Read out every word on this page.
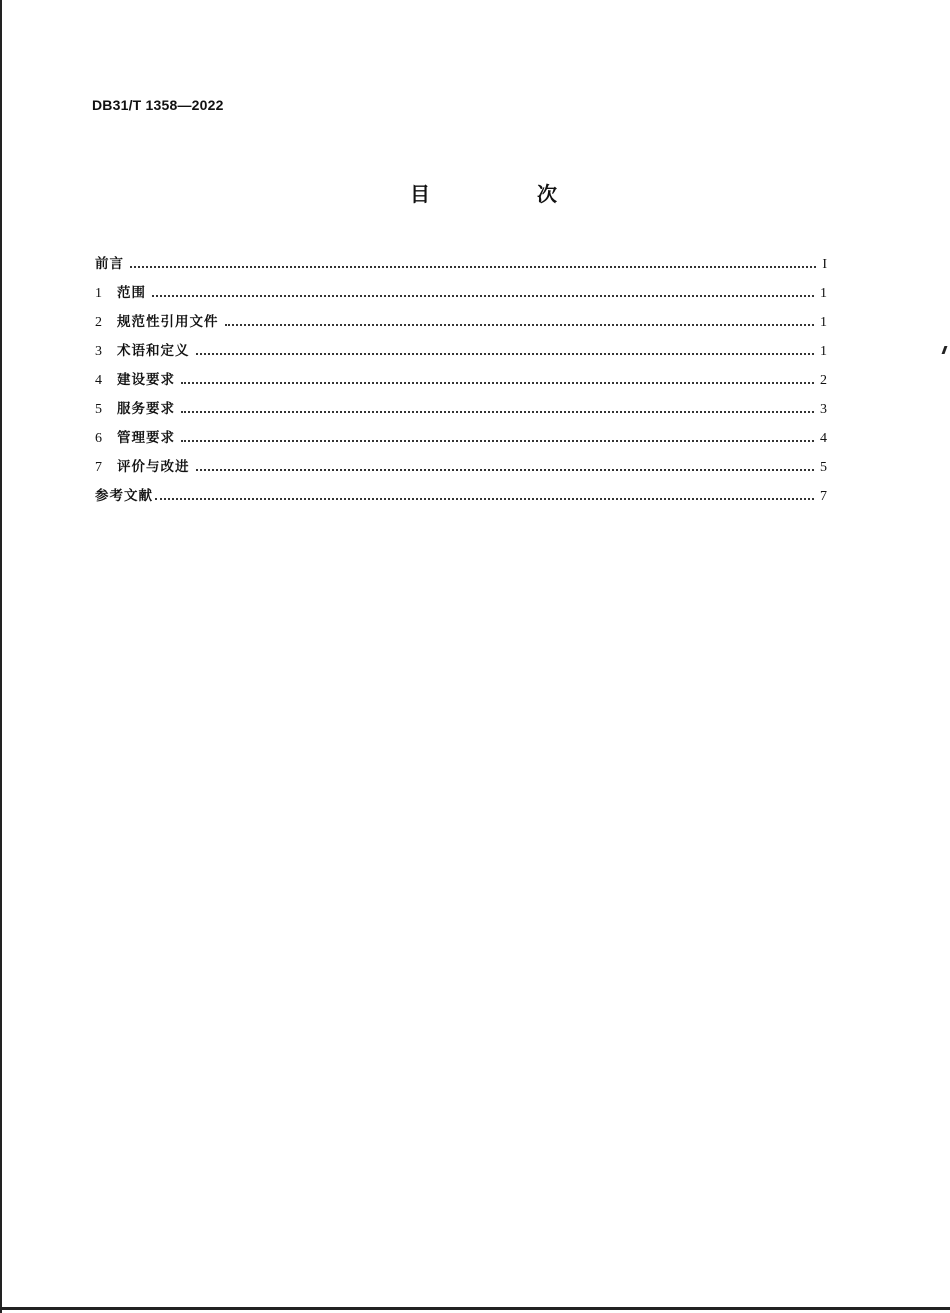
DB31/T 1358—2022
目 次
前言	I
1	范围	1
2	规范性引用文件	1
3	术语和定义	1
4	建设要求	2
5	服务要求	3
6	管理要求	4
7	评价与改进	5
参考文献	7
